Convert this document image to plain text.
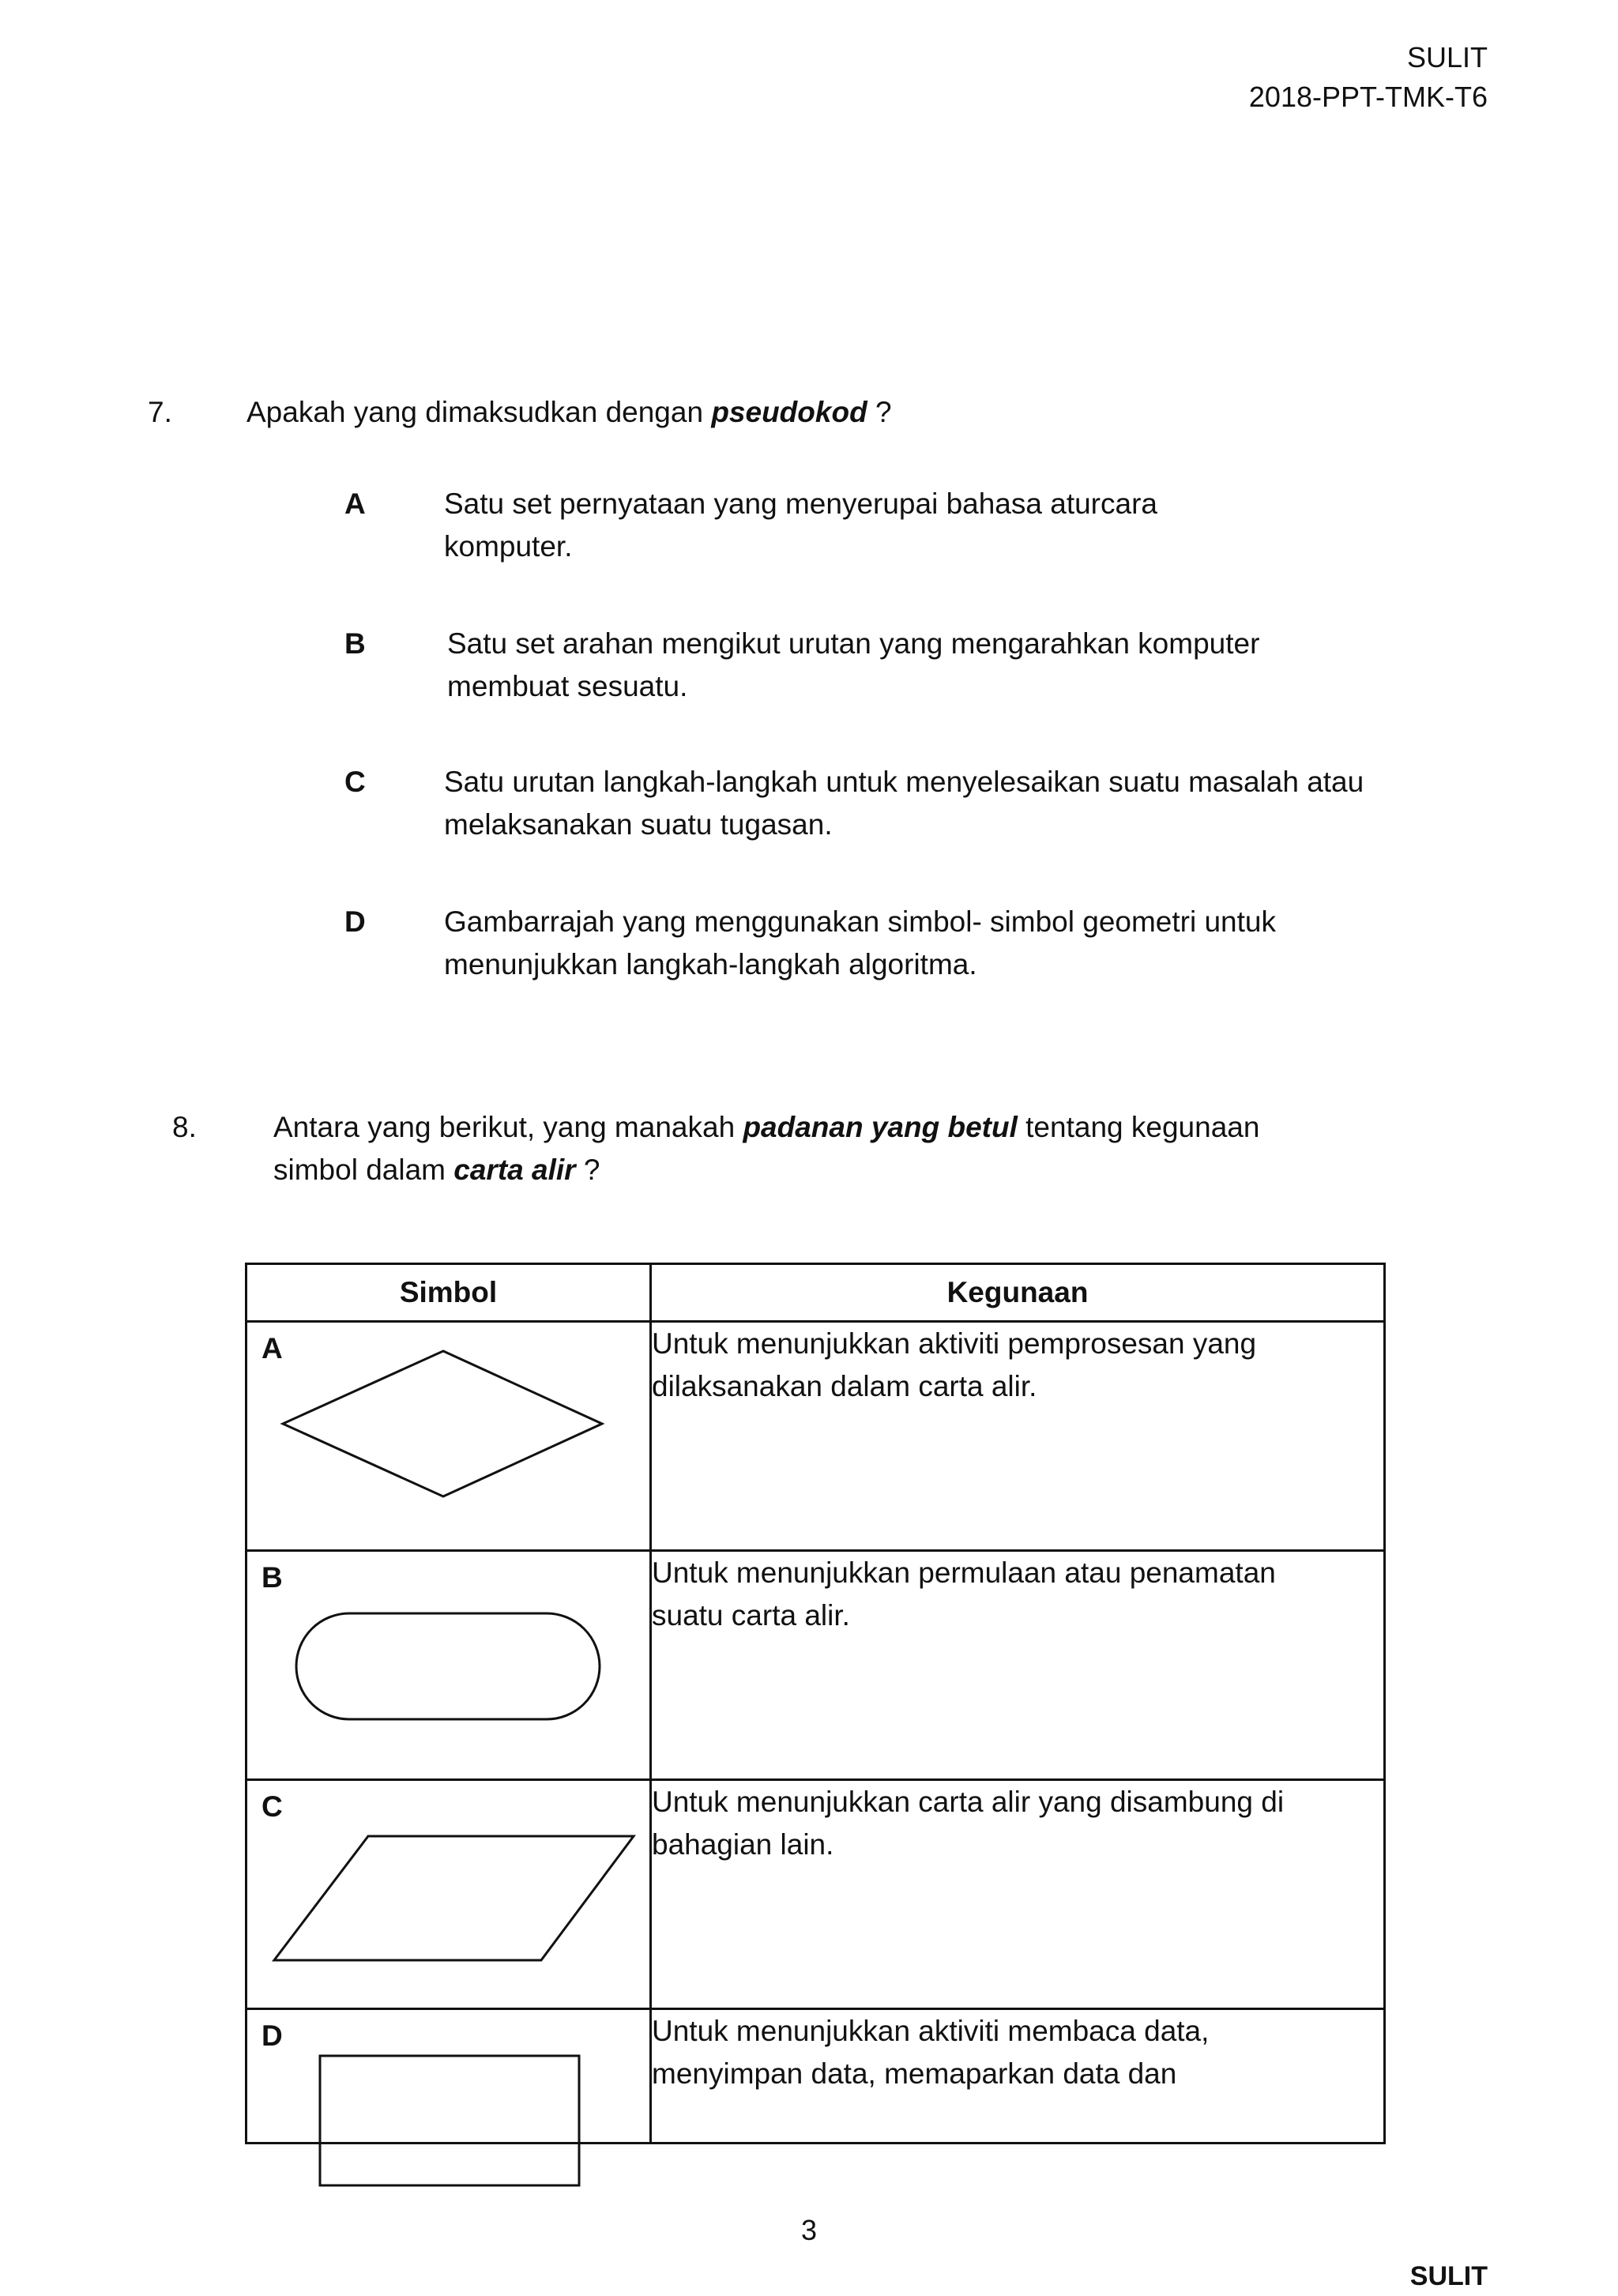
SULIT
2018-PPT-TMK-T6
7.	Apakah yang dimaksudkan dengan pseudokod ?
A	Satu set pernyataan yang menyerupai bahasa aturcara
komputer.
B	Satu set arahan mengikut urutan yang mengarahkan komputer
membuat sesuatu.
C	Satu urutan langkah-langkah untuk menyelesaikan suatu masalah atau
melaksanakan suatu tugasan.
D	Gambarrajah yang menggunakan simbol- simbol geometri untuk
menunjukkan langkah-langkah algoritma.
8.	Antara yang berikut, yang manakah padanan yang betul tentang kegunaan
simbol dalam carta alir ?
Simbol	Kegunaan

A	Untuk menunjukkan aktiviti pemprosesan yang
dilaksanakan dalam carta alir.

B	Untuk menunjukkan permulaan atau penamatan
suatu carta alir.

C	Untuk menunjukkan carta alir yang disambung di
bahagian lain.

D	Untuk menunjukkan aktiviti membaca data,
menyimpan data, memaparkan data dan
3
SULIT
